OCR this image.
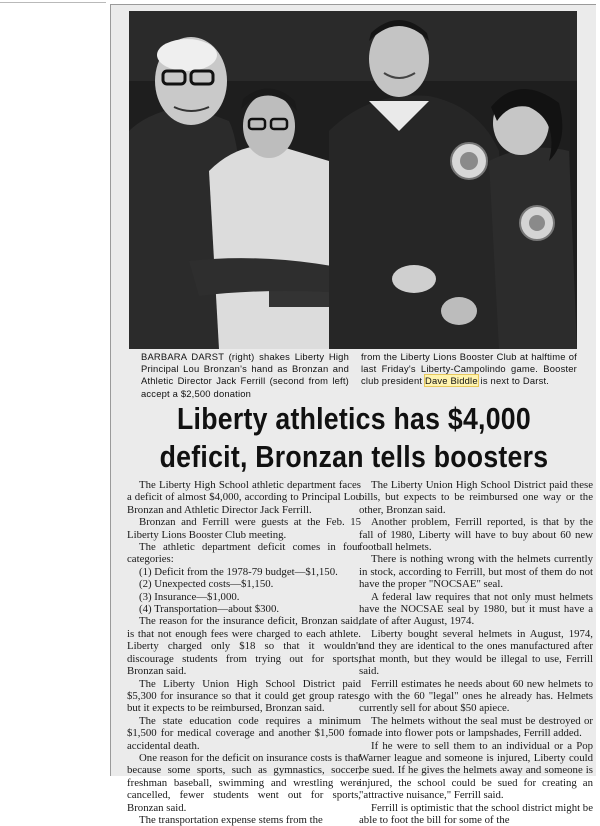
BARBARA DARST (right) shakes Liberty High Principal Lou Bronzan's hand as Bronzan and Athletic Director Jack Ferrill (second from left) accept a $2,500 donation
from the Liberty Lions Booster Club at halftime of last Friday's Liberty-Campolindo game. Booster club president Dave Biddle is next to Darst.
Liberty athletics has $4,000
deficit, Bronzan tells boosters

The Liberty High School athletic department faces a deficit of almost $4,000, according to Principal Lou Bronzan and Athletic Director Jack Ferrill.

Bronzan and Ferrill were guests at the Feb. 15 Liberty Lions Booster Club meeting.

The athletic department deficit comes in four categories:

(1) Deficit from the 1978-79 budget—$1,150.

(2) Unexpected costs—$1,150.

(3) Insurance—$1,000.

(4) Transportation—about $300.

The reason for the insurance deficit, Bronzan said, is that not enough fees were charged to each athlete. Liberty charged only $18 so that it wouldn't discourage students from trying out for sports, Bronzan said.

The Liberty Union High School District paid $5,300 for insurance so that it could get group rates, but it expects to be reimbursed, Bronzan said.

The state education code requires a minimum $1,500 for medical coverage and another $1,500 for accidental death.

One reason for the deficit on insurance costs is that because some sports, such as gymnastics, soccer, freshman baseball, swimming and wrestling were cancelled, fewer students went out for sports, Bronzan said.

The transportation expense stems from the

The Liberty Union High School District paid these bills, but expects to be reimbursed one way or the other, Bronzan said.

Another problem, Ferrill reported, is that by the fall of 1980, Liberty will have to buy about 60 new football helmets.

There is nothing wrong with the helmets currently in stock, according to Ferrill, but most of them do not have the proper "NOCSAE" seal.

A federal law requires that not only must helmets have the NOCSAE seal by 1980, but it must have a date of after August, 1974.

Liberty bought several helmets in August, 1974, and they are identical to the ones manufactured after that month, but they would be illegal to use, Ferrill said.

Ferrill estimates he needs about 60 new helmets to go with the 60 "legal" ones he already has. Helmets currently sell for about $50 apiece.

The helmets without the seal must be destroyed or made into flower pots or lampshades, Ferrill added.

If he were to sell them to an individual or a Pop Warner league and someone is injured, Liberty could be sued. If he gives the helmets away and someone is injured, the school could be sued for creating an "attractive nuisance," Ferrill said.

Ferrill is optimistic that the school district might be able to foot the bill for some of the
